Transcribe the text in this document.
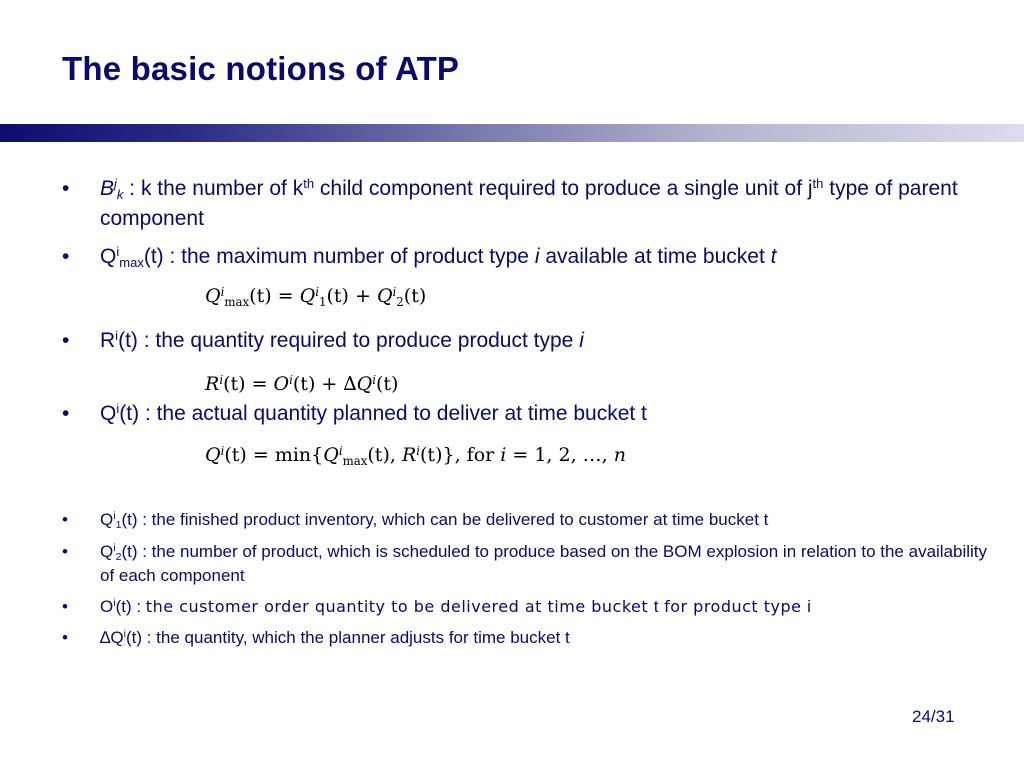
The basic notions of ATP
•	$B^j_k$ : k the number of $k^{th}$ child component required to produce a single unit of $j^{th}$ type of parent component
•	$Q^i_{max}(t)$ : the maximum number of product type i available at time bucket t
$Q^i_{max}(t) = Q^i_1(t) + Q^i_2(t)$
•	$R^i(t)$ : the quantity required to produce product type i
$R^i(t) = O^i(t) + \Delta Q^i(t)$
•	$Q^i(t)$ : the actual quantity planned to deliver at time bucket t
$Q^i(t) = \min\{Q^i_{max}(t)$, $R^i(t)$}, for i = 1, 2, …, n
•	$Q^i_1(t)$ : the finished product inventory, which can be delivered to customer at time bucket t
•	$Q^i_2(t)$ : the number of product, which is scheduled to produce based on the BOM explosion in relation to the availability of each component
•	$O^i(t)$ : the customer order quantity to be delivered at time bucket t for product type i
•	$\Delta Q^i(t)$ : the quantity, which the planner adjusts for time bucket t
24/31
